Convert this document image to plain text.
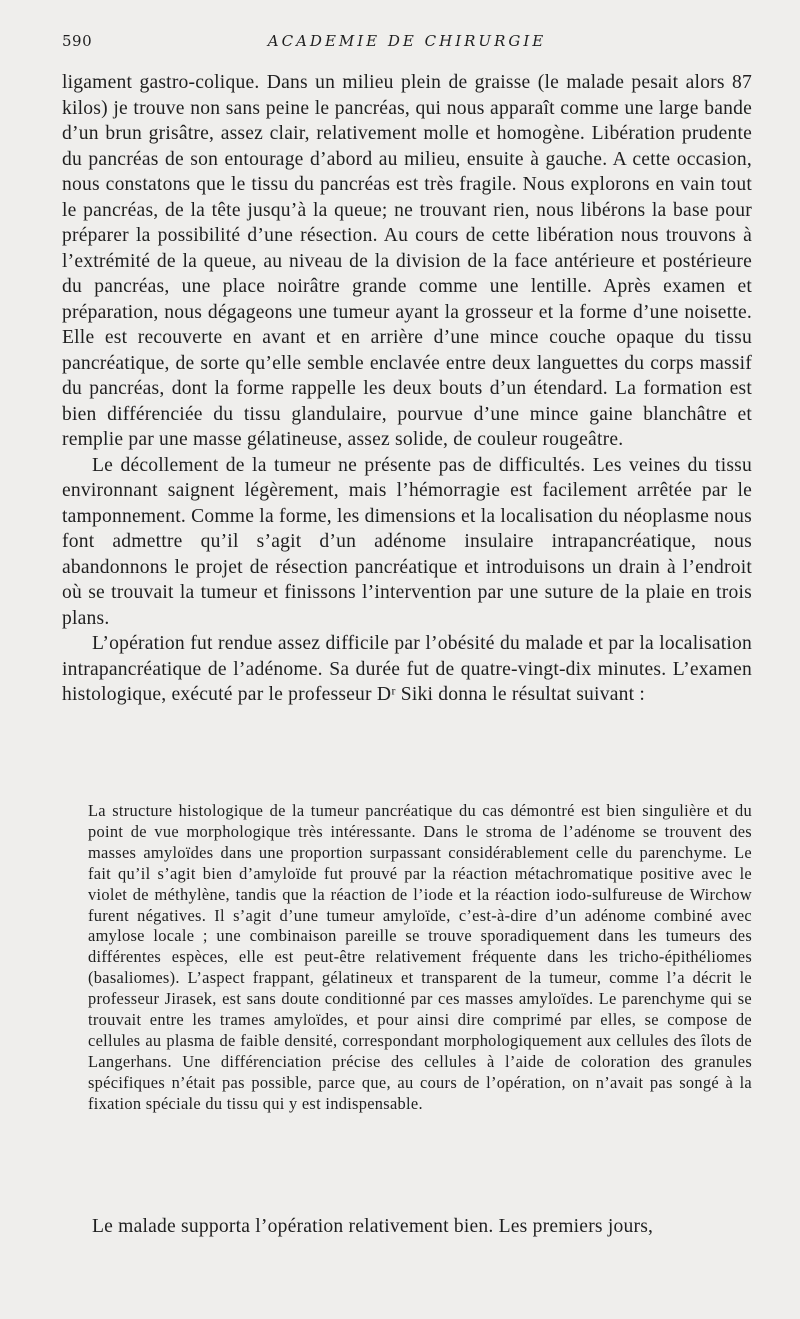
590	ACADEMIE DE CHIRURGIE

ligament gastro-colique. Dans un milieu plein de graisse (le malade pesait alors 87 kilos) je trouve non sans peine le pancréas, qui nous apparaît comme une large bande d’un brun grisâtre, assez clair, relativement molle et homogène. Libération prudente du pancréas de son entourage d’abord au milieu, ensuite à gauche. A cette occasion, nous constatons que le tissu du pancréas est très fragile. Nous explorons en vain tout le pancréas, de la tête jusqu’à la queue; ne trouvant rien, nous libérons la base pour préparer la possibilité d’une résection. Au cours de cette libération nous trouvons à l’extrémité de la queue, au niveau de la division de la face antérieure et postérieure du pancréas, une place noirâtre grande comme une lentille. Après examen et préparation, nous dégageons une tumeur ayant la grosseur et la forme d’une noisette. Elle est recouverte en avant et en arrière d’une mince couche opaque du tissu pancréatique, de sorte qu’elle semble enclavée entre deux languettes du corps massif du pancréas, dont la forme rappelle les deux bouts d’un étendard. La formation est bien différenciée du tissu glandulaire, pourvue d’une mince gaine blanchâtre et remplie par une masse gélatineuse, assez solide, de couleur rougeâtre.

Le décollement de la tumeur ne présente pas de difficultés. Les veines du tissu environnant saignent légèrement, mais l’hémorragie est facilement arrêtée par le tamponnement. Comme la forme, les dimensions et la localisation du néoplasme nous font admettre qu’il s’agit d’un adénome insulaire intrapancréatique, nous abandonnons le projet de résection pancréatique et introduisons un drain à l’endroit où se trouvait la tumeur et finissons l’intervention par une suture de la plaie en trois plans.

L’opération fut rendue assez difficile par l’obésité du malade et par la localisation intrapancréatique de l’adénome. Sa durée fut de quatre-vingt-dix minutes. L’examen histologique, exécuté par le professeur Dʳ Siki donna le résultat suivant :

La structure histologique de la tumeur pancréatique du cas démontré est bien singulière et du point de vue morphologique très intéressante. Dans le stroma de l’adénome se trouvent des masses amyloïdes dans une proportion surpassant considérablement celle du parenchyme. Le fait qu’il s’agit bien d’amyloïde fut prouvé par la réaction métachromatique positive avec le violet de méthylène, tandis que la réaction de l’iode et la réaction iodo-sulfureuse de Wirchow furent négatives. Il s’agit d’une tumeur amyloïde, c’est-à-dire d’un adénome combiné avec amylose locale ; une combinaison pareille se trouve sporadiquement dans les tumeurs des différentes espèces, elle est peut-être relativement fréquente dans les tricho-épithéliomes (basaliomes). L’aspect frappant, gélatineux et transparent de la tumeur, comme l’a décrit le professeur Jirasek, est sans doute conditionné par ces masses amyloïdes. Le parenchyme qui se trouvait entre les trames amyloïdes, et pour ainsi dire comprimé par elles, se compose de cellules au plasma de faible densité, correspondant morphologiquement aux cellules des îlots de Langerhans. Une différenciation précise des cellules à l’aide de coloration des granules spécifiques n’était pas possible, parce que, au cours de l’opération, on n’avait pas songé à la fixation spéciale du tissu qui y est indispensable.

Le malade supporta l’opération relativement bien. Les premiers jours,
